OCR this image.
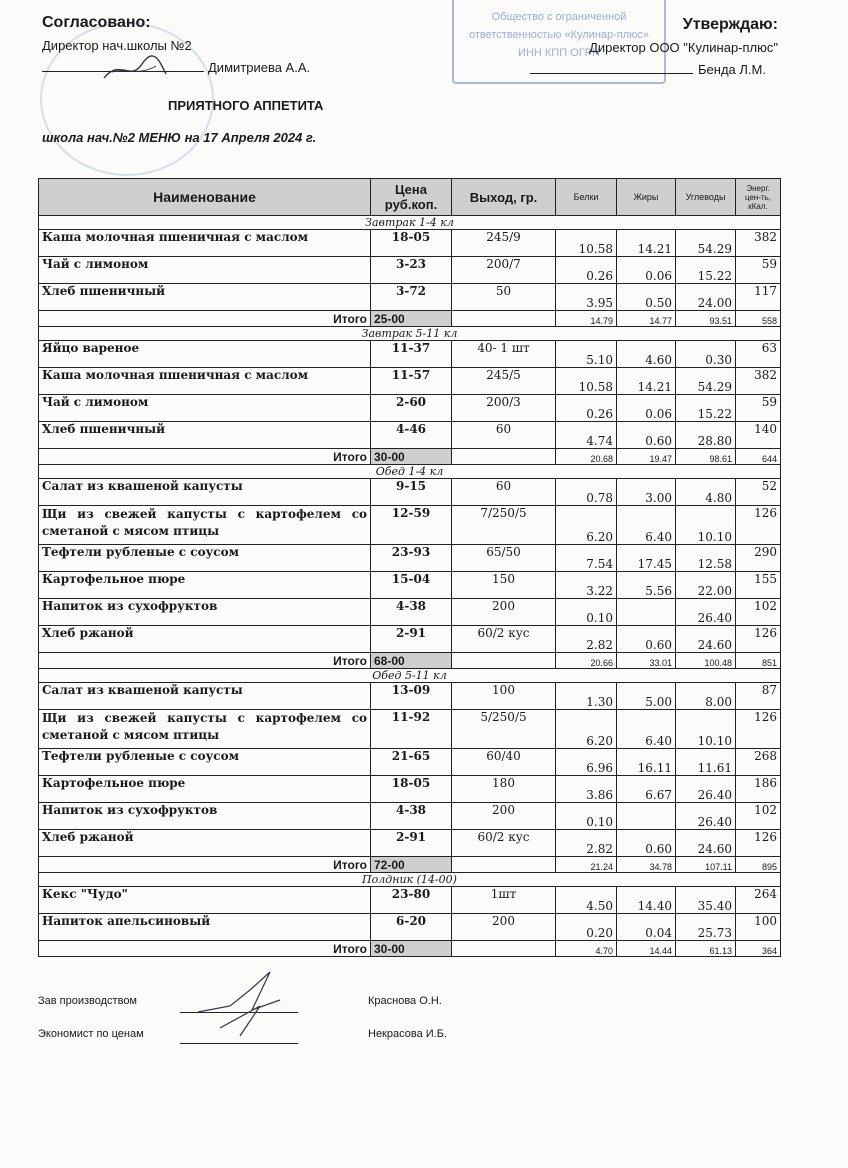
Согласовано:
Директор нач.школы №2
Димитриева А.А.
Общество с ограниченной ответственностью «Кулинар-плюс» ИНН КПП ОГРН
Утверждаю:
Директор ООО "Кулинар-плюс"
Бенда Л.М.
ПРИЯТНОГО АППЕТИТА
школа нач.№2 МЕНЮ на 17 Апреля 2024 г.
Наименование	Цена руб.коп.	Выход, гр.	Белки	Жиры	Углеводы	Энерг. цен-ть, кКал.
Завтрак 1-4 кл						
Каша молочная пшеничная с маслом	18-05	245/9	10.58	14.21	54.29	382
Чай с лимоном	3-23	200/7	0.26	0.06	15.22	59
Хлеб пшеничный	3-72	50	3.95	0.50	24.00	117
Итого	25-00		14.79	14.77	93.51	558
Завтрак 5-11 кл						
Яйцо вареное	11-37	40- 1 шт	5.10	4.60	0.30	63
Каша молочная пшеничная с маслом	11-57	245/5	10.58	14.21	54.29	382
Чай с лимоном	2-60	200/3	0.26	0.06	15.22	59
Хлеб пшеничный	4-46	60	4.74	0.60	28.80	140
Итого	30-00		20.68	19.47	98.61	644
Обед 1-4 кл						
Салат из квашеной капусты	9-15	60	0.78	3.00	4.80	52
Щи из свежей капусты с картофелем со сметаной с мясом птицы	12-59	7/250/5	6.20	6.40	10.10	126
Тефтели рубленые с соусом	23-93	65/50	7.54	17.45	12.58	290
Картофельное пюре	15-04	150	3.22	5.56	22.00	155
Напиток из сухофруктов	4-38	200	0.10		26.40	102
Хлеб ржаной	2-91	60/2 кус	2.82	0.60	24.60	126
Итого	68-00		20.66	33.01	100.48	851
Обед 5-11 кл						
Салат из квашеной капусты	13-09	100	1.30	5.00	8.00	87
Щи из свежей капусты с картофелем со сметаной с мясом птицы	11-92	5/250/5	6.20	6.40	10.10	126
Тефтели рубленые с соусом	21-65	60/40	6.96	16.11	11.61	268
Картофельное пюре	18-05	180	3.86	6.67	26.40	186
Напиток из сухофруктов	4-38	200	0.10		26.40	102
Хлеб ржаной	2-91	60/2 кус	2.82	0.60	24.60	126
Итого	72-00		21.24	34.78	107.11	895
Полдник (14-00)						
Кекс "Чудо"	23-80	1шт	4.50	14.40	35.40	264
Напиток апельсиновый	6-20	200	0.20	0.04	25.73	100
Итого	30-00		4.70	14.44	61.13	364
Зав производством	Краснова О.Н.
Экономист по ценам	Некрасова И.Б.
